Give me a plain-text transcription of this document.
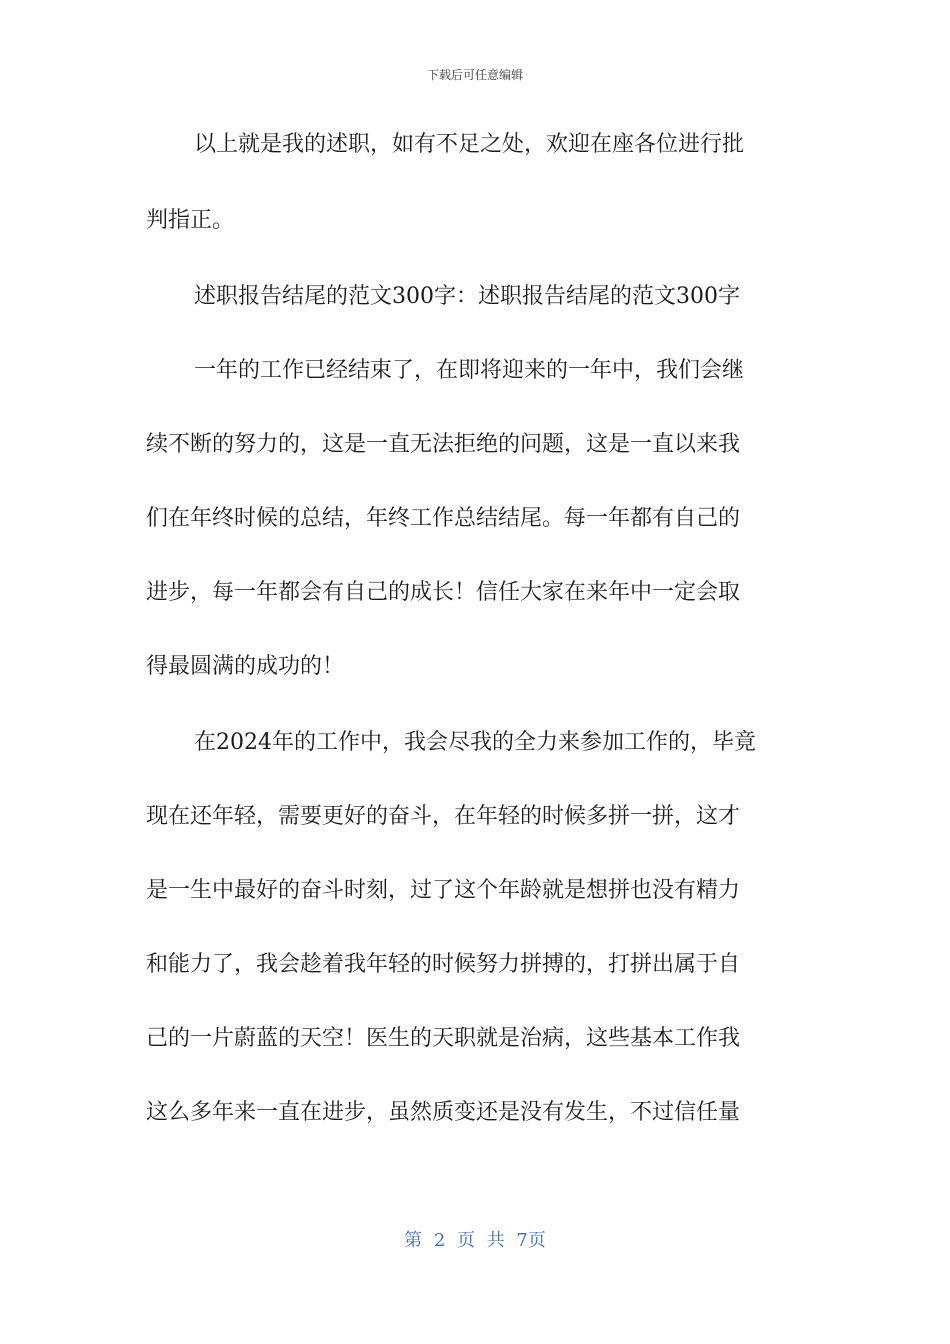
下载后可任意编辑
以上就是我的述职，如有不足之处，欢迎在座各位进行批
判指正。
述职报告结尾的范文300字：述职报告结尾的范文300字
一年的工作已经结束了，在即将迎来的一年中，我们会继
续不断的努力的，这是一直无法拒绝的问题，这是一直以来我
们在年终时候的总结，年终工作总结结尾。每一年都有自己的
进步，每一年都会有自己的成长！信任大家在来年中一定会取
得最圆满的成功的！
在2024年的工作中，我会尽我的全力来参加工作的，毕竟
现在还年轻，需要更好的奋斗，在年轻的时候多拼一拼，这才
是一生中最好的奋斗时刻，过了这个年龄就是想拼也没有精力
和能力了，我会趁着我年轻的时候努力拼搏的，打拼出属于自
己的一片蔚蓝的天空！医生的天职就是治病，这些基本工作我
这么多年来一直在进步，虽然质变还是没有发生，不过信任量
第 2 页 共 7页
